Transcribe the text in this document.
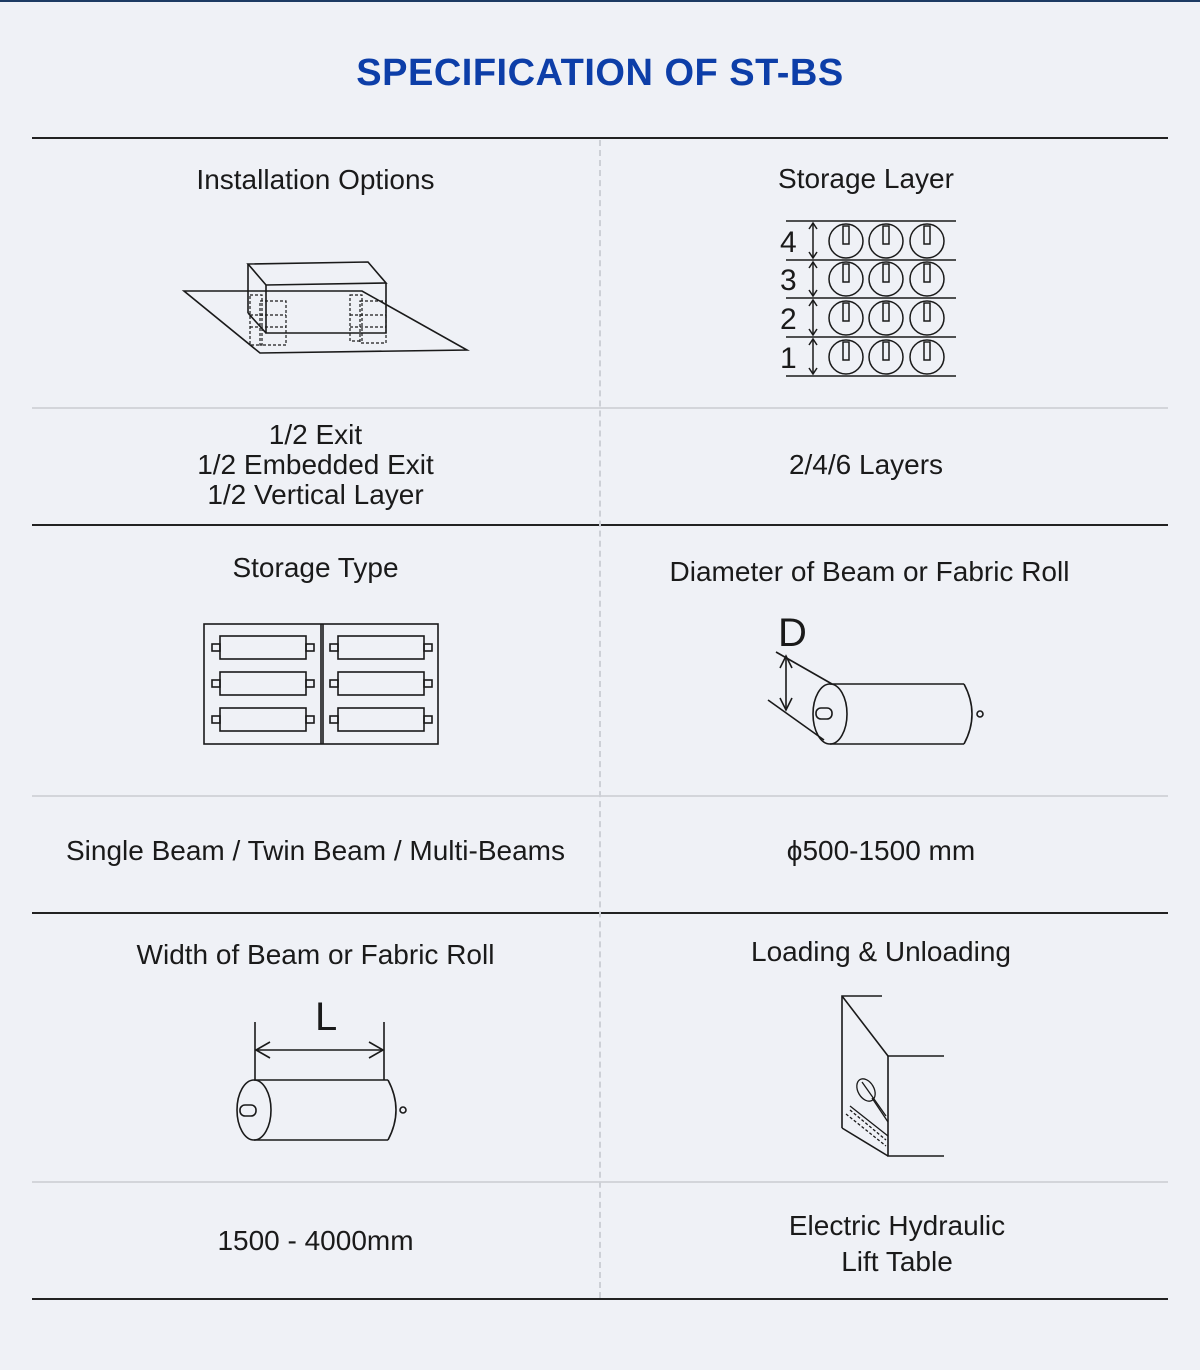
SPECIFICATION OF ST-BS
Installation Options
1/2 Exit
1/2 Embedded Exit
1/2 Vertical Layer
Storage Layer
4
3
2
1
2/4/6 Layers
Storage Type
Single Beam / Twin Beam / Multi-Beams
Diameter of Beam or Fabric Roll
D
ϕ500-1500 mm
Width of Beam or Fabric Roll
L
1500 - 4000mm
Loading & Unloading
Electric Hydraulic
Lift Table
